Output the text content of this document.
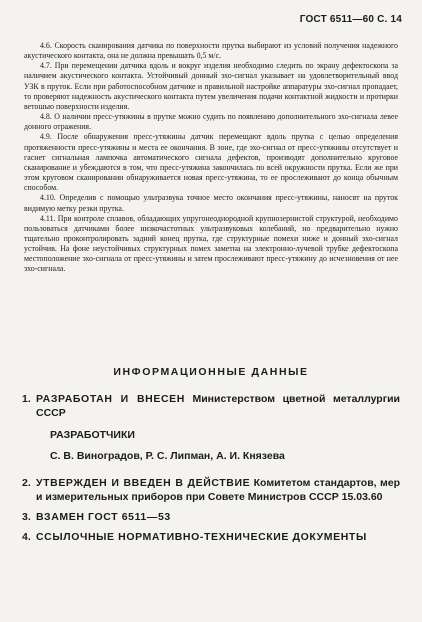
ГОСТ 6511—60 С. 14

4.6. Скорость сканирования датчика по поверхности прутка выбирают из условий получения надежного акустического контакта, она не должна превышать 0,5 м/с.

4.7. При перемещении датчика вдоль и вокруг изделия необходимо следить по экрану дефектоскопа за наличием акустического контакта. Устойчивый донный эхо-сигнал указывает на удовлетворительный ввод УЗК в пруток. Если при работоспособном датчике и правильной настройке аппаратуры эхо-сигнал пропадает, то проверяют надежность акустического контакта путем увеличения подачи контактной жидкости и протирки ветошью поверхности изделия.

4.8. О наличии пресс-утяжины в прутке можно судить по появлению дополнительного эхо-сигнала левее донного отражения.

4.9. После обнаружения пресс-утяжины датчик перемещают вдоль прутка с целью определения протяженности пресс-утяжины и места ее окончания. В зоне, где эхо-сигнал от пресс-утяжины отсутствует и гаснет сигнальная лампочка автоматического сигнала дефектов, производят дополнительно круговое сканирование и убеждаются в том, что пресс-утяжина закончилась по всей окружности прутка. Если же при этом круговом сканировании обнаруживается новая пресс-утяжина, то ее прослеживают до конца обычным способом.

4.10. Определив с помощью ультразвука точное место окончания пресс-утяжины, наносят на пруток видимую метку резки прутка.

4.11. При контроле сплавов, обладающих упругонеоднородной крупнозернистой структурой, необходимо пользоваться датчиками более низкочастотных ультразвуковых колебаний, но предварительно нужно тщательно проконтролировать задний конец прутка, где структурные помехи ниже и донный эхо-сигнал устойчив. На фоне неустойчивых структурных помех заметна на электронно-лучевой трубке дефектоскопа местоположение эхо-сигнала от пресс-утяжины и затем прослеживают пресс-утяжину до исчезновения от нее эхо-сигнала.

ИНФОРМАЦИОННЫЕ ДАННЫЕ
1. РАЗРАБОТАН И ВНЕСЕН Министерством цветной металлургии СССР
РАЗРАБОТЧИКИ
С. В. Виноградов, Р. С. Липман, А. И. Князева
2. УТВЕРЖДЕН И ВВЕДЕН В ДЕЙСТВИЕ Комитетом стандартов, мер и измерительных приборов при Совете Министров СССР 15.03.60
3. ВЗАМЕН ГОСТ 6511—53
4. ССЫЛОЧНЫЕ НОРМАТИВНО-ТЕХНИЧЕСКИЕ ДОКУМЕНТЫ
